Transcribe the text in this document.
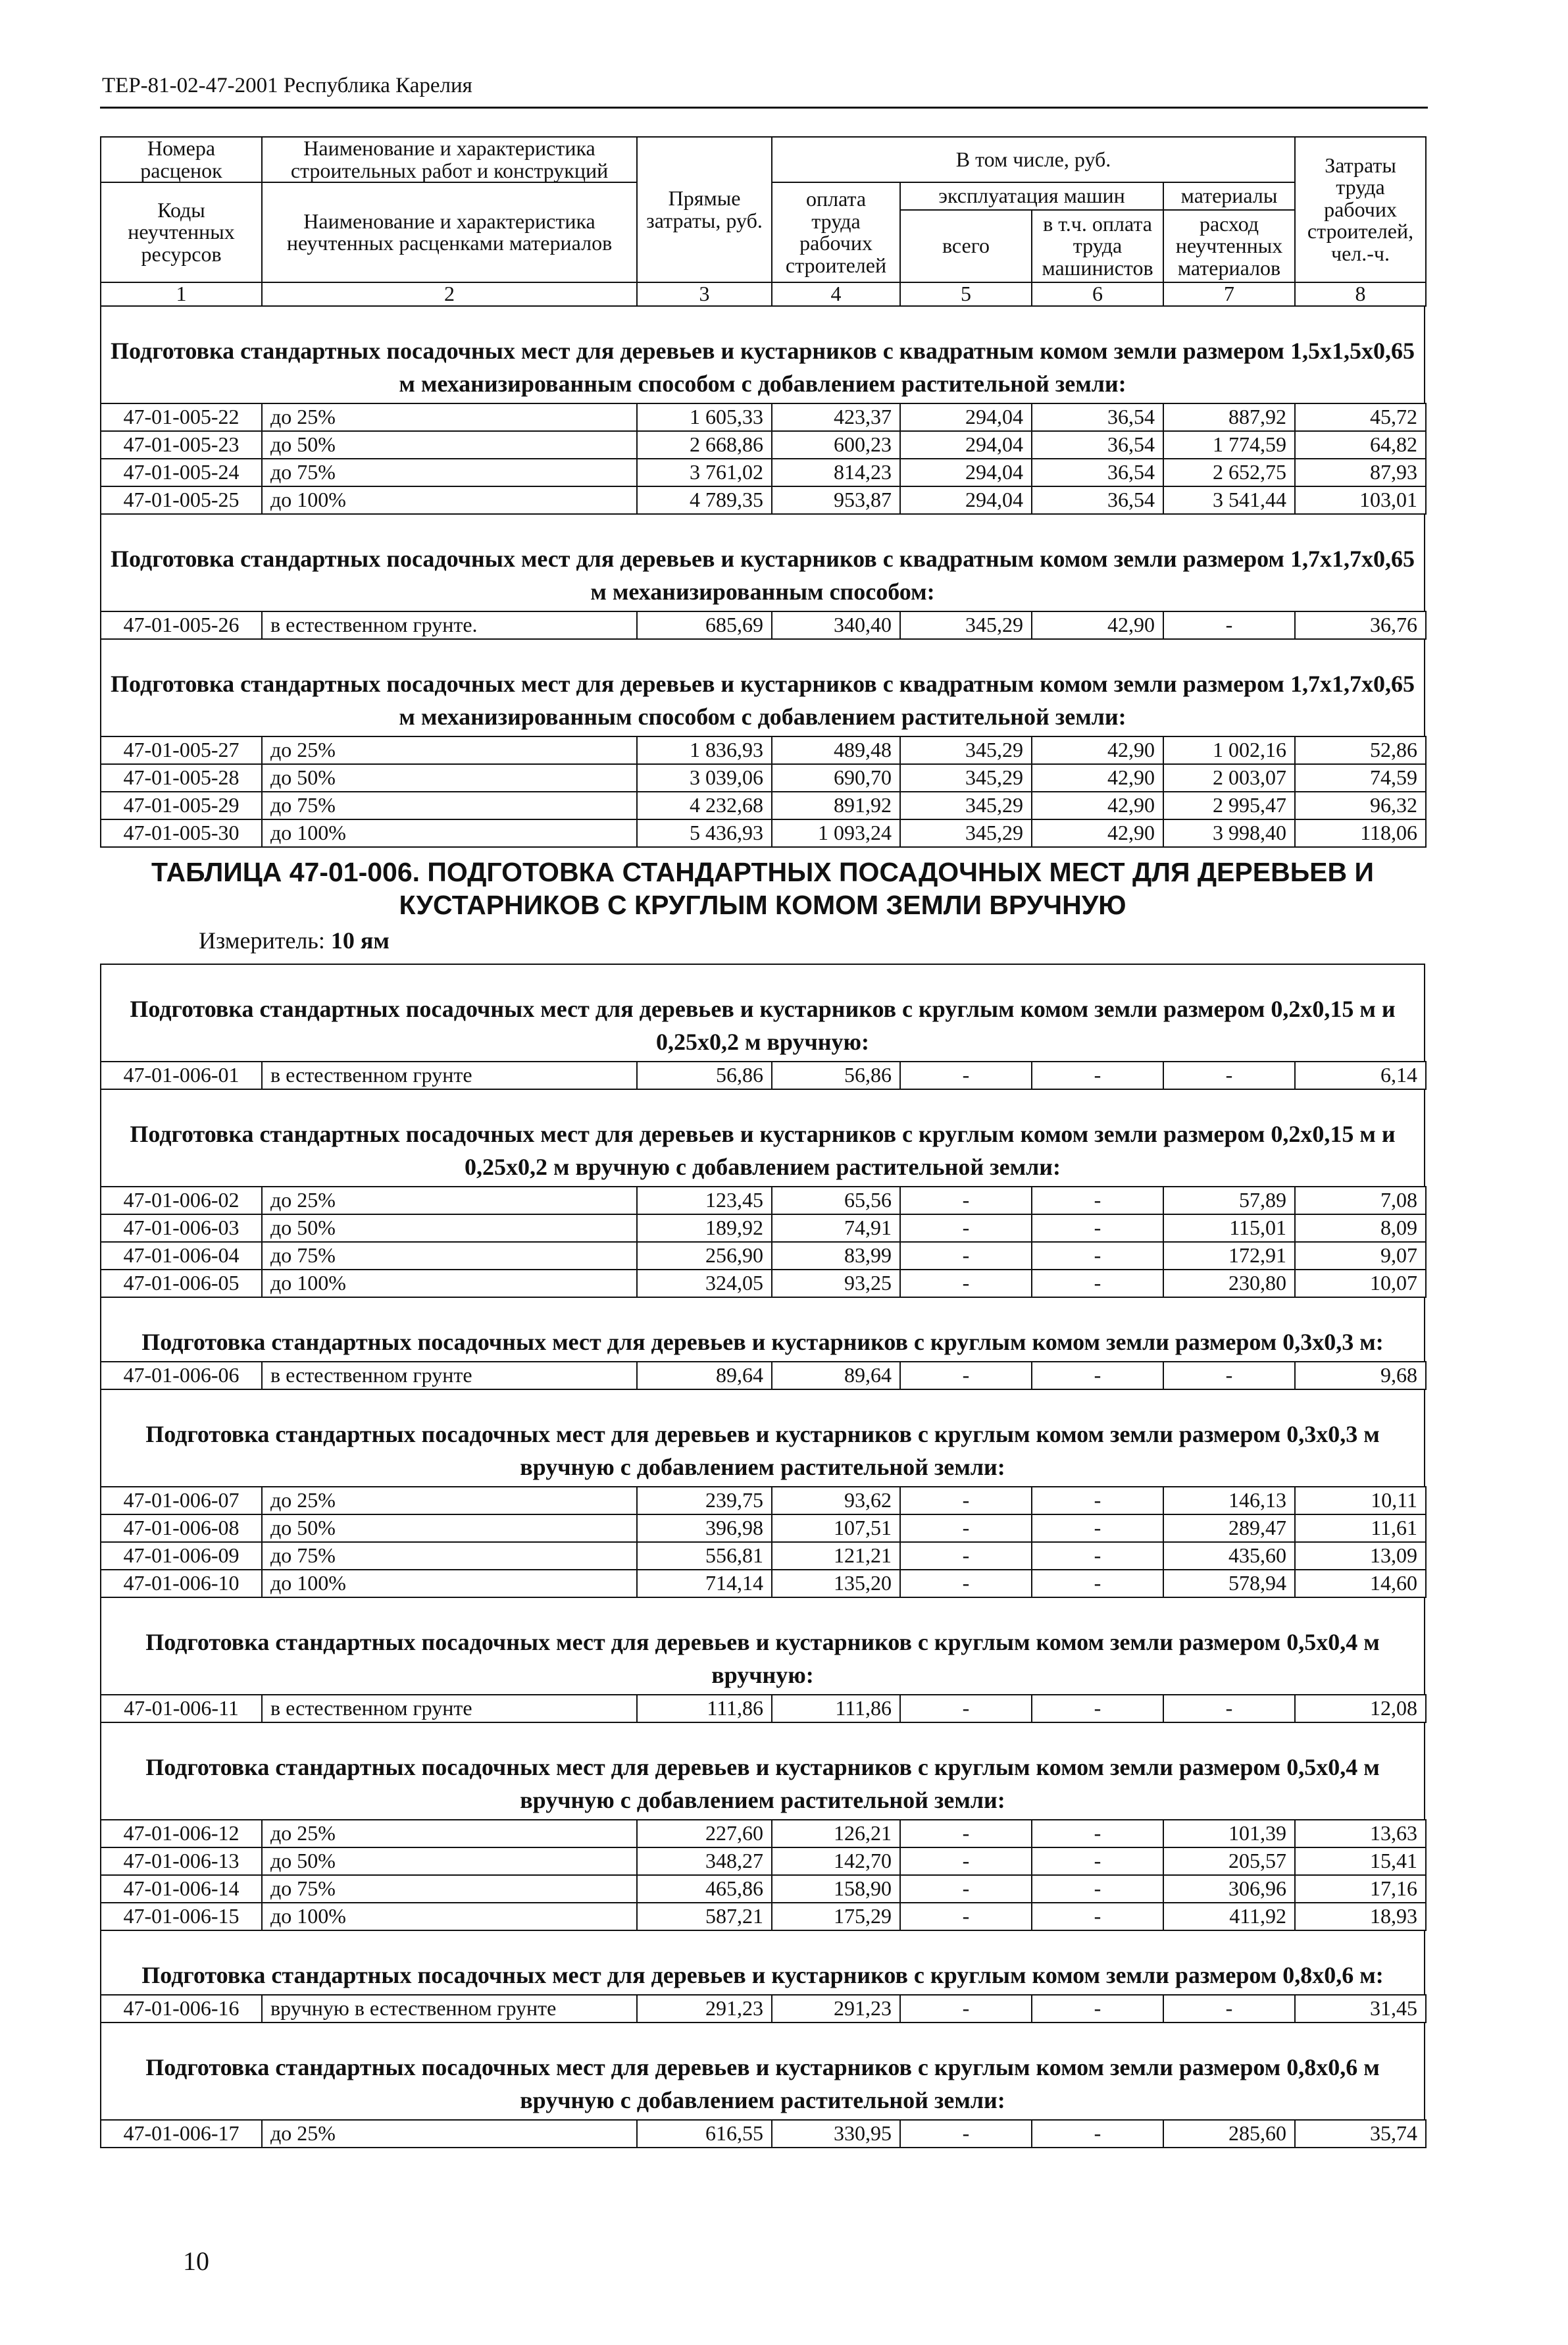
ТЕР-81-02-47-2001 Республика Карелия
Номера расценок	Наименование и характеристика строительных работ и конструкций	Прямые затраты, руб.	В том числе, руб.				Затраты труда рабочих строителей, чел.-ч.
Коды неучтенных ресурсов	Наименование и характеристика неучтенных расценками материалов		оплата труда рабочих строителей	эксплуатация машин		материалы	
				всего	в т.ч. оплата труда машинистов	расход неучтенных материалов	
1	2	3	4	5	6	7	8
Подготовка стандартных посадочных мест для деревьев и кустарников с квадратным комом земли размером 1,5x1,5x0,65 м механизированным способом с добавлением растительной земли:
47-01-005-22	до 25%	1 605,33	423,37	294,04	36,54	887,92	45,72
47-01-005-23	до 50%	2 668,86	600,23	294,04	36,54	1 774,59	64,82
47-01-005-24	до 75%	3 761,02	814,23	294,04	36,54	2 652,75	87,93
47-01-005-25	до 100%	4 789,35	953,87	294,04	36,54	3 541,44	103,01
Подготовка стандартных посадочных мест для деревьев и кустарников с квадратным комом земли размером 1,7x1,7x0,65 м механизированным способом:
47-01-005-26	в естественном грунте.	685,69	340,40	345,29	42,90	-	36,76
Подготовка стандартных посадочных мест для деревьев и кустарников с квадратным комом земли размером 1,7x1,7x0,65 м механизированным способом с добавлением растительной земли:
47-01-005-27	до 25%	1 836,93	489,48	345,29	42,90	1 002,16	52,86
47-01-005-28	до 50%	3 039,06	690,70	345,29	42,90	2 003,07	74,59
47-01-005-29	до 75%	4 232,68	891,92	345,29	42,90	2 995,47	96,32
47-01-005-30	до 100%	5 436,93	1 093,24	345,29	42,90	3 998,40	118,06
ТАБЛИЦА 47-01-006. ПОДГОТОВКА СТАНДАРТНЫХ ПОСАДОЧНЫХ МЕСТ ДЛЯ ДЕРЕВЬЕВ И КУСТАРНИКОВ С КРУГЛЫМ КОМОМ ЗЕМЛИ ВРУЧНУЮ
Измеритель: 10 ям
Подготовка стандартных посадочных мест для деревьев и кустарников с круглым комом земли размером 0,2x0,15 м и 0,25x0,2 м вручную:
47-01-006-01	в естественном грунте	56,86	56,86	-	-	-	6,14
Подготовка стандартных посадочных мест для деревьев и кустарников с круглым комом земли размером 0,2x0,15 м и 0,25x0,2 м вручную с добавлением растительной земли:
47-01-006-02	до 25%	123,45	65,56	-	-	57,89	7,08
47-01-006-03	до 50%	189,92	74,91	-	-	115,01	8,09
47-01-006-04	до 75%	256,90	83,99	-	-	172,91	9,07
47-01-006-05	до 100%	324,05	93,25	-	-	230,80	10,07
Подготовка стандартных посадочных мест для деревьев и кустарников с круглым комом земли размером 0,3x0,3 м:
47-01-006-06	в естественном грунте	89,64	89,64	-	-	-	9,68
Подготовка стандартных посадочных мест для деревьев и кустарников с круглым комом земли размером 0,3x0,3 м вручную с добавлением растительной земли:
47-01-006-07	до 25%	239,75	93,62	-	-	146,13	10,11
47-01-006-08	до 50%	396,98	107,51	-	-	289,47	11,61
47-01-006-09	до 75%	556,81	121,21	-	-	435,60	13,09
47-01-006-10	до 100%	714,14	135,20	-	-	578,94	14,60
Подготовка стандартных посадочных мест для деревьев и кустарников с круглым комом земли размером 0,5x0,4 м вручную:
47-01-006-11	в естественном грунте	111,86	111,86	-	-	-	12,08
Подготовка стандартных посадочных мест для деревьев и кустарников с круглым комом земли размером 0,5x0,4 м вручную с добавлением растительной земли:
47-01-006-12	до 25%	227,60	126,21	-	-	101,39	13,63
47-01-006-13	до 50%	348,27	142,70	-	-	205,57	15,41
47-01-006-14	до 75%	465,86	158,90	-	-	306,96	17,16
47-01-006-15	до 100%	587,21	175,29	-	-	411,92	18,93
Подготовка стандартных посадочных мест для деревьев и кустарников с круглым комом земли размером 0,8x0,6 м:
47-01-006-16	вручную в естественном грунте	291,23	291,23	-	-	-	31,45
Подготовка стандартных посадочных мест для деревьев и кустарников с круглым комом земли размером 0,8x0,6 м вручную с добавлением растительной земли:
47-01-006-17	до 25%	616,55	330,95	-	-	285,60	35,74
10
